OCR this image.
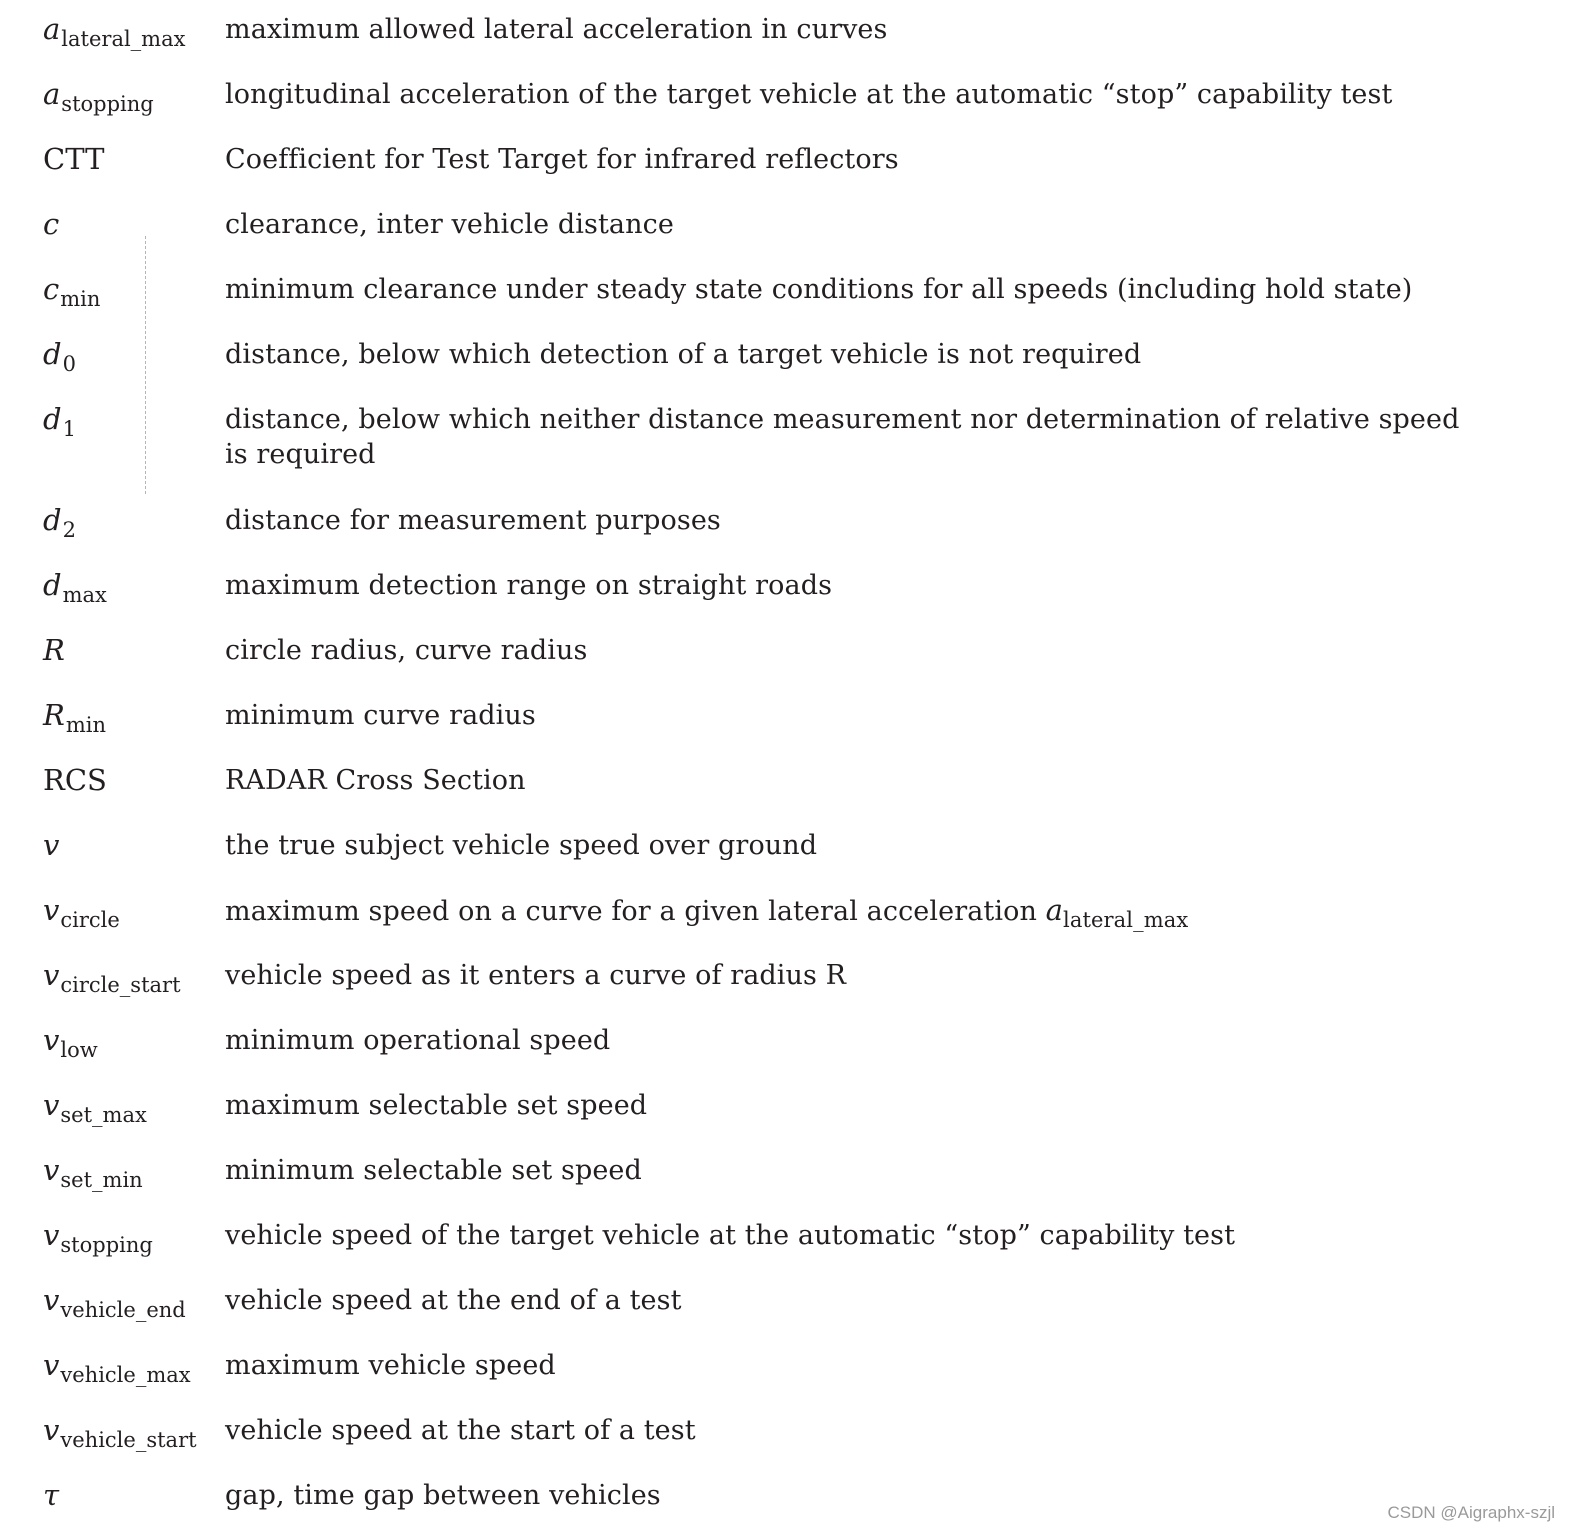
$a_{lateral\_max}$ maximum allowed lateral acceleration in curves
$a_{stopping}$	longitudinal acceleration of the target vehicle at the automatic “stop” capability test
CTT	Coefficient for Test Target for infrared reflectors
c	clearance, inter vehicle distance
$c_{min}$	minimum clearance under steady state conditions for all speeds (including hold state)
$d_0$	distance, below which detection of a target vehicle is not required
$d_1$	distance, below which neither distance measurement nor determination of relative speed is required
$d_2$	distance for measurement purposes
$d_{max}$	maximum detection range on straight roads
R	circle radius, curve radius
$R_{min}$	minimum curve radius
RCS	RADAR Cross Section
v	the true subject vehicle speed over ground
$v_{circle}$	maximum speed on a curve for a given lateral acceleration $a_{lateral\_max}$
$v_{circle\_start}$ vehicle speed as it enters a curve of radius R
$v_{low}$	minimum operational speed
$v_{set\_max}$	maximum selectable set speed
$v_{set\_min}$	minimum selectable set speed
$v_{stopping}$	vehicle speed of the target vehicle at the automatic “stop” capability test
$v_{vehicle\_end}$ vehicle speed at the end of a test
$v_{vehicle\_max}$ maximum vehicle speed
$v_{vehicle\_start}$ vehicle speed at the start of a test
τ	gap, time gap between vehicles
CSDN @Aigraphx-szjl
